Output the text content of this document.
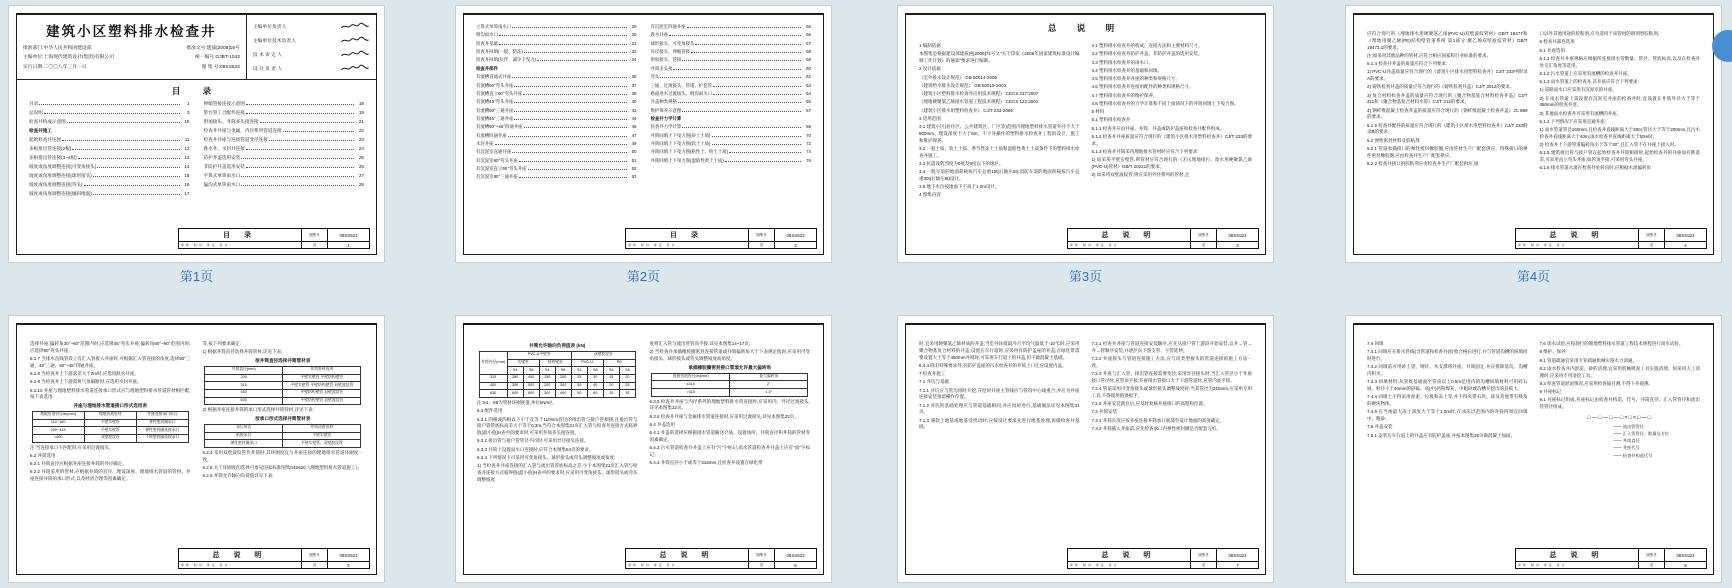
建筑小区塑料排水检查井
批准部门:中华人民共和国建设部	批准文号:建质[2008]18号
主编单位:上海现代建筑设计(集团)有限公司	统一编号:GJBT-1043
实行日期:二〇〇八年三月一日	图 集 号:08SS523
主编单位负责人
主编单位技术负责人
技 术 审 定 人
设 计 负 责 人
目 录
目录	1
总说明	3
检查井构成示意图	10
检查井施工
起始检查井连接	11
多根排出管连接(2根)	12
多根排出管连接(3~4根)	13
坡度或角度调整连接(可变角接头)	14
坡度或角度调整连接(球形接头)	15
坡度或角度调整连接(弯头)	16
坡度或角度调整连接(倾斜地面)	17
伸缩管接连接示意图	18
带台管工合配件连接	19
附加接头、井筒多头接连接	21
检查井井座与金属、内径系列管道连接	22
检查井井座与连接管道变径连接	23
跌水井、水封井连接	24
防护井盖选用安装	25
非防护井盖选用安装	26
平箅式单箅雨水口	27
偏沟式单箅雨水口	28
目 录	图集号	08SS523
审核 校对 审定 设计	页	1
立箅式单箅雨水口	29
明沟雨水口	30
检查井基础	31
检查井回填(一般、防冻)	32
检查井回填(抗浮、减少下曳力)	34
检查井部件
有流槽直通式井座	35
有流槽90°弯头井座	37
有流槽直立90°弯头井座	39
有流槽45°弯头井座	40
有流槽90°三通井座	42
有流槽45°三通井座	44
有流槽90°~45°四通井座	46
有流槽四通井座	47
水封井座	49
有沉泥室直通井座	50
有沉泥室90°弯头井座	51
有沉泥室直立90°弯头井座	52
有沉泥室90°三通井座	53
有沉泥室四通井座	55
跌水井座	56
球形接头、可变角接头	57
异径接头、伸缩管接	58
附加接头、管接	59
井筒多头接	60
弯头	62
三通、过渡接头、管堵、护套管	63
路面进水过渡接头、明沟雨水口	64
井盖种类规格	65
维护保养示意图	67
检查井力学计算
检查井力学计算	68
井筒回填土下曳力图(砂土土质)	70
井筒回填土下曳力图(软土土质)	72
井筒回填土下曳力图(粘性土、粉土土质)	74
井筒回填土下曳力图(湿陷性黄土土质)	76
目 录	图集号	08SS523
审核 校对 审定 设计	页	2
总 说 明

1 编制依据

本图集是根据建设部建质函[2006]71号文"关于印发《2006年国家建筑标准设计编制工作计划》的通知"要求进行编制。

2 设计依据

《室外排水设计规范》 GB 50014-2006

《建筑给水排水设计规范》 GB 50015-2003

《建筑小区塑料排水检查井应用技术规程》 CECS 227:2007

《埋地硬聚氯乙烯排水管道工程技术规程》 CECS 122:2001

《建筑小区排水用塑料检查井》 CJ/T 233-2006

3 适用范围

3.1 建筑小区(居住区、公共建筑区、厂区等)范围内埋地塑料排水管道外径不大于800mm、埋设深度不大于6m、不下井操作的塑料排水检查井工程的设计、施工和维护保养。

3.2 一般土质、软土土质、季节性冻土土质和湿陷性黄土土质条件下的塑料排水检查井施工。

3.3 抗震设防烈度为9度及9度以下的地区。

3.4 一般车道的地面荷载按汽车总重15t(后轴压5t);消防车道的地面荷载按汽车总重30t(后轴压6t)设计。

3.5 地下水位按地面下不高于1.0m设计。

4 图集内容

4.1 塑料排水检查井的构成、连接方法和主要材料尺寸。

4.2 塑料排水检查井防护井盖、非防护井盖的选用安装。

4.3 塑料排水检查井的雨水口。

4.4 塑料排水检查井的基础和回填。

4.5 塑料排水检查井井座的种类和规格尺寸。

4.6 塑料排水检查井连接用配件的种类和规格尺寸。

4.7 塑料排水检查井的维护保养。

4.8 塑料排水检查井的力学计算和不同土质情况下的井筒回填土下曳力图。

5 材料

5.1 塑料排水检查井

5.1.1 检查井应由井座、井筒、井盖或防护盖座和检查井配件组成。

5.1.2 检查井井座质量应符合现行的《建筑小区排水用塑料检查井》CJ/T 233的要求。

5.1.3 检查井井筒采用埋地排水管材时应符合下列要求:

1) 如采用平壁实壁管,则管材应符合现行的《无压埋地排污、废水用硬聚氯乙烯(PVC-U)管材》GB/T 20221的要求。

2) 如采用双壁波纹管,则应采用外径系列的管材,且

总 说 明	图集号	08SS523
审核 校对 审定 设计	页	3

应符合现行的《埋地排水用硬聚氯乙烯(PVC-U)双壁波纹管材》GB/T 18477和《埋地用聚乙烯(PE)结构壁管道系统 第1部分:聚乙烯双壁波纹管材》GB/T 19472.1的要求。

注:如采用其他品种的管材,应符合相应国家和行业标准的要求。

5.1.4 检查井井盖的质量应符合下列要求:

1) PVC-U井盖质量应符合现行的《建筑小区排水用塑料检查井》CJ/T 233中附录A的要求。

2) 铸铁检查井盖的质量应符合现行的《铸铁检查井盖》CJ/T 3012的要求。

3) 复合材料检查井盖的质量应符合现行的《聚合物基复合材料检查井盖》CJ/T 211和《聚合物基复合材料水箅》CJ/T 212的要求。

4) 钢纤维混凝土检查井盖的质量应符合现行的《钢纤维混凝土检查井盖》JC 889的要求。

5.1.5 检查井配件的质量应符合现行的《建筑小区排水用塑料检查井》CJ/T 233附录B的要求。

5.2 弹性密封材料及胶粘剂

5.2.1 管道承插接口的弹性密封橡胶圈,应由管材生产厂配套供应。特殊接口的弹性密封橡胶圈,应由检查井生产厂配套供应。

5.2.2 检查井接口的胶粘剂应由检查井生产厂配套供应,接

口以外其他用途的胶粘剂,应为适用于该管材的溶剂型胶粘剂。

6 检查井部件选用

6.1 井座选用

6.1.1 检查井井座规格应根据所连接排水管数量、管径、管底标高,以及在检查井处交汇角度等选用。

6.1.2 污水管道上应采用有流槽的检查井井座。

6.1.3 雨水管道上的检查井,其井座应符合下列要求:

1) 道路雨水口应采用有沉泥室的井座。

2) 在雨水管道上需设置有沉泥室井座的检查井时,宜设置在井筒外径大于等于450mm的检查井处。

3) 其他雨水检查井可采用有流槽的井座。

6.1.4 下列情况下应采用直通井座:

1) 雨水管道管径160mm,且检查井直线距离大于30m;管径大于等于200mm,且污水检查井直线距离大于40m;雨水检查井直线距离大于50m时。

2) 检查井上下游管道偏转角小于等于30°,且汇入管不在井座上接入时。

6.1.5 建筑排出管与接户管在起始检查井井筒相接时,起始检查井的井座如有跌落差,可采用直立弯头井座;如管顶平接,可采用弯头井座。

6.1.6 排水管道水流在检查井处转向时,应根据水流偏转角

总 说 明	图集号	08SS523
审核 校对 审定 设计	页	4
第1页	第2页	第3页	第4页

选择井座;偏转角30°~60°范围内时,应选择45°弯头井座;偏转角60°~90°范围内时,应选择90°弯头井座。

6.1.7 当排水直线管段上有汇入管接入井座时,可根据汇入管连接的角度,选择90°三通、45°三通、90°~45°四通井座。

6.1.8 当检查井上下游落差大于2m时,应选用跌水井座。

6.1.9 当检查井上下游需将气体隔断时,应选用水封井座。

6.1.10 井座与埋地塑料排水管道连接承口形式应与埋地塑料排水管道管材相匹配,按下表选用:

井座与埋地排水管道接口形式选用表
埋地管道管径dn(mm)	埋地管道管材	井座连接承口形式
110~160	平壁实壁管	弹性密封圈承口
200~315	平壁实壁管	弹性密封圈连接承口
>400	双壁波纹管	不带密封圈连接承口

注:当连接承口不匹配时,应采用过渡接头。

6.2 井筒选用

6.2.1 井筒直径应根据井座连接井筒的外径确定。

6.2.2 井筒采用的管材,应根据井筒的直径、埋设深度、埋地排水管道的管材、井座连接井筒的承口形式,以及经济合理等因素确定。

等,按下列要求确定:

1) 根据井筒直径选择井筒管材,详见下表:

按井筒直径选择井筒管材表
井筒直径(mm)	井筒管材选用
200	平壁实壁管 平壁结构壁管
315	平壁实壁管 平壁结构壁管 双壁波纹管
450	平壁结构壁管 双壁波纹管
630	平壁结构壁管 双壁波纹管

2) 根据井座连接井筒的承口形式选择井筒管材,详见下表:

按承口形式选择井筒管材表
承口形式	井筒适用管材
粘接承口	平壁实壁管
弹性密封圈承口	平壁实壁管、双壁波纹管

6.2.4 采用双壁波纹管作井筒时,其环刚度宜与井座连接的埋地排水管道环刚度一致。

6.2.5 关于环刚度的选择可参见国家标准图集04S520《埋地塑料排水管道施工》。

6.2.6 井筒允许轴向负荷值详见下表:

总 说 明	图集号	08SS523
审核 校对 审定 设计	页	5
井筒允许轴向负荷值表 (kN)
井筒外径(mm)	PVC-U平壁管				双壁波纹管			
	实壁管		结构壁管		PVC-U		PE	
	S4	S8	S4	S8	S4	S8	S4	S8
315	280	400	150	200	25	30	15	20
450	350	500	200	300	30	40	20	25
630	600	800	300	400	50	60	25	35

注:S4、S8为管材环刚度值,单位kN/m²。

6.3 配件选用

6.3.1 四根或四根以下小于及等于110mm管径的排出管与接户管相接,且排出管与接户管管底标高差大于等于0.3m,当符合本图集21页汇入管与检查井连接方式临界值(最小值)H表中的要求时,可采用井筒多头接连接。

6.3.2 排出管与接户管管径不同时,可采用异径接头连接。

6.3.3 井筒上设置雨水口连接时,应符合本图集64页的要求。

6.3.4 下列情况下可采用可变角接头、球形接头或弯头调整坡度或角度:

1) 当检查井井座连接的汇入管与流出管管底标高之差,小于本图集21页汇入管与检查井连接方式临界值(最小值)H表中的要求时,应采用可变角接头、球形接头或弯头调整坡度

度将汇入管与流出管管顶平接,详见本图集14~17页;

2) 当检查井承插橡胶圈密封连接管道或井筒偏转角大于下表规定值时,应采用可变角接头、球形接头或弯头调整坡度或角度。

承插橡胶圈密封接口管道允许最大偏转角
连接管道管径dn(mm)	最大偏转角
≤315	2°
>315	1.5°

6.3.5 检查井井座与内径系列的埋地塑料排水管连接时,应采用内、外径过渡接头,详见本图集22页。

6.3.6 检查井井座与金属排水管道连接时,应采用过渡接头,详见本图集22页。

6.4 井盖选用

6.4.1 井盖的选择应根据排水管道输送介质、设置场所、井筒直径和井筒的管材等因素确定。

6.4.2 污水管道检查井井盖上应有"污"字标记,雨水管道检查井井盖上应有"雨"字标记。

6.4.3 井筒直径小于或等于315mm,且检查井设置在绿化带

总 说 明	图集号	08SS523
审核 校对 审定 设计	页	6

时,宜采用硬聚氯乙烯材质的井盖;当室外环境最冷月平均气温低于-10℃时,应采用聚合物基复合材料的井盖;设置在车行道时,应采用有防护盖座的井盖;在绿化带需要设置大于等于450mm井筒时,可采用车行道上的井盖,但不做混凝土基础。

6.4.4 除有特殊要求外,有防护盖座的污水检查井的井筒上口还应设置内盖。

7 检查井施工

7.1 井坑与基础

7.1.1 井坑应与管沟同时开挖,开挖时井座主管线应与管沟中心线重合,并应为井座连接安装预留操作位置。

7.1.2 井坑的基础处理应与管道基础相同,并应同时进行,基础做法详见本图集31页。

7.1.3 遇软土地基或地基受扰动时,应按设计要求先进行地基处理,再做检查井基础。

7.2.1 检查井井座与管道连接安装顺序,应先从接户管上游段开始安装,以井→管→井→管顺序安装,并逐层向下游支管、干管延伸。

7.2.2 井座接头与管道连接施工方法,应与同类型接头的管道连接的施工方法一致。

7.2.3 井座与汇入管、排出管连接需要变径,采用异径接头时,当汇入管径小于井座接口管径时,应管顶平接;井座排出管接口大于下游管道时,应管内底平接。

7.2.4 管道采用可变角接头或球形接头调整坡度时,当其管径为315mm,应采用专用工具,不得使用链条扳手。

7.2.5 井座安装就位后,应及时复核井座接口的高程和位置。

7.3 井筒安装

7.3.1 井筒长度应按井座连接井筒承口底部至设计地面的高度确定。

7.3.2 井筒插入井座前,应先检查承口内弹性密封圈是否配套完好。

总 说 明	图集号	08SS523
审核 校对 审定 设计	页	7

7.4 回填

7.4.1 回填应在排水管线(含管道和检查井)验收合格后进行,并与管道沟槽的回填同时进行。

7.4.2 回填前可用砂土袋、钢钎、木支撑将井座、井筒固定,并应排除基坑、沟槽内积水。

7.4.3 回填材料:从管底基础面至管顶以上0.5m范围内的沟槽回填材料可用碎石屑、粒径小于40mm的砂砾、高(中)钙粉煤灰、中粗砂或沟槽开挖出的良质土。

7.4.4 回填土不得采用淤泥、垃圾和冻土等,并不得夹带石块、砖及其他带有棱角的硬块物体。

7.4.5 在当地最大冻土深度大于等于1.0m时,在冰冻层范围内的井筒四周宜回填中、粗砂。

7.5 井盖安装

7.5.1 安装在车行道上的井盖应有防护盖座,并按本图集25页做混凝土加固。

7.6 闭水试验,应按现行的埋地塑料排水管道工程技术规程进行闭水试验。

8 维护、保养

8.1 管道疏通宜采用专业疏通机械实施水力清通。

8.2 雨水检查井内淤泥、砂的清理,宜采用机械吸泥工具实施清理。如采用人工清理时,应采用专用清挖工具。

8.3 检查管道淤泥情况,应采用检查镜目测,不得下井观测。

9 井座标记

9.1 井座标记组成,井座标记由检查井构造、代号、井筒直径、汇入管管径和流出管管径组成。

□—□—□—□×□×□—□
—— 流出管管径
—— 汇入管管径、数量及方位
—— 井筒直径
—— 井座代号
—— 检查井构造代号
总 说 明	图集号	08SS523
审核 校对 审定 设计	页	8
